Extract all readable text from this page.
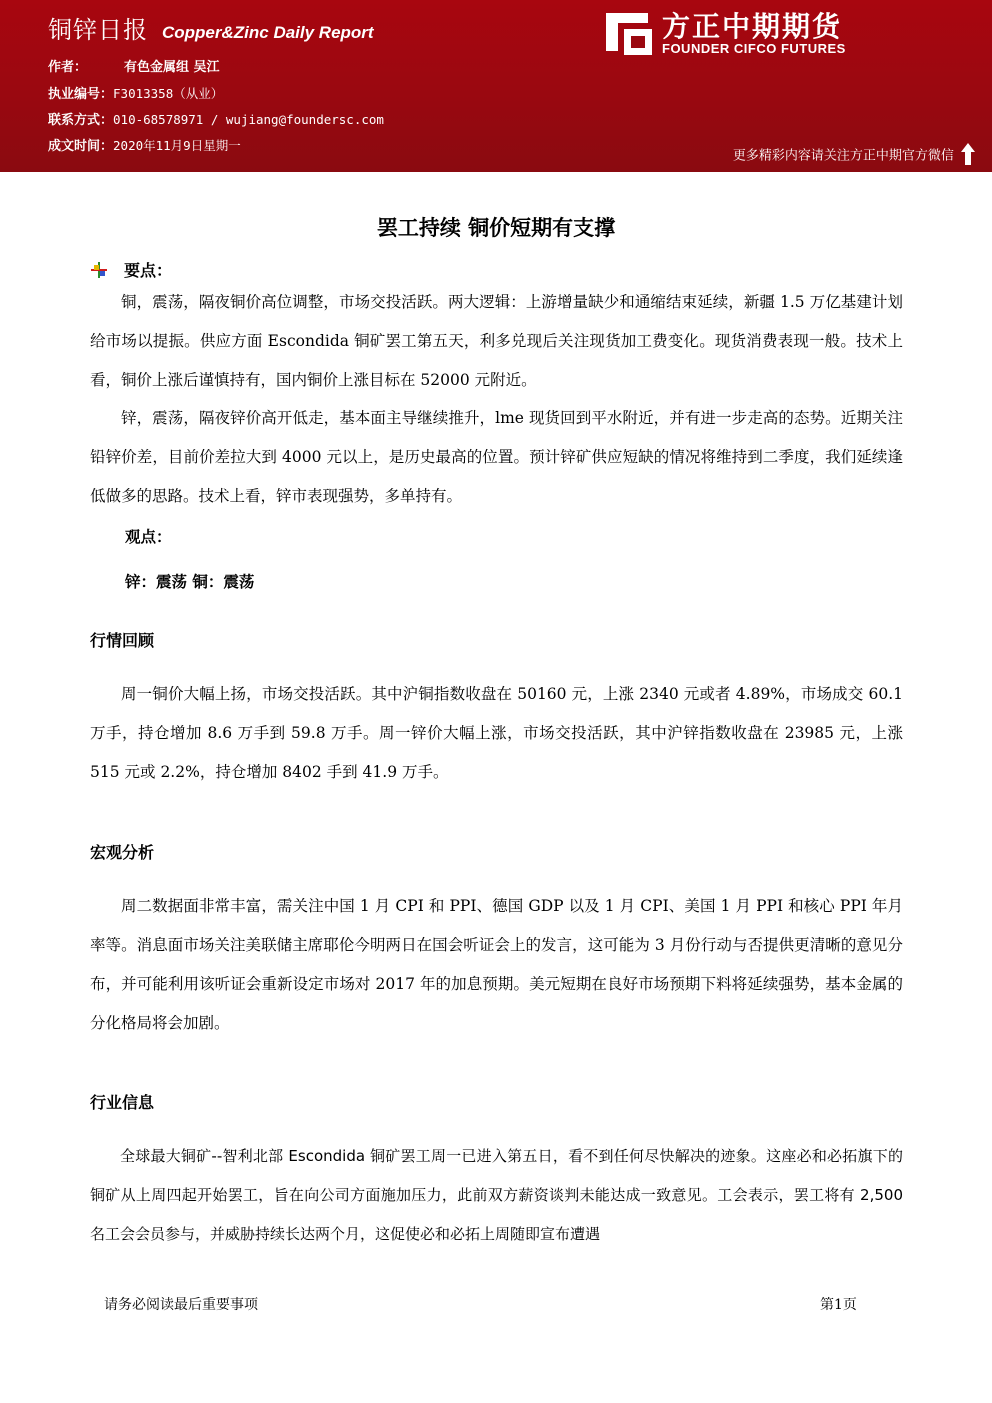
铜锌日报 Copper&Zinc Daily Report
作者：	有色金属组 吴江
执业编号：F3013358（从业）
联系方式：010-68578971 / wujiang@foundersc.com
成文时间：2020年11月9日星期一
方正中期期货
FOUNDER CIFCO FUTURES
更多精彩内容请关注方正中期官方微信
罢工持续 铜价短期有支撑
要点：

铜，震荡，隔夜铜价高位调整，市场交投活跃。两大逻辑：上游增量缺少和通缩结束延续，新疆 1.5 万亿基建计划给市场以提振。供应方面 Escondida 铜矿罢工第五天，利多兑现后关注现货加工费变化。现货消费表现一般。技术上看，铜价上涨后谨慎持有，国内铜价上涨目标在 52000 元附近。

锌，震荡，隔夜锌价高开低走，基本面主导继续推升，lme 现货回到平水附近，并有进一步走高的态势。近期关注铅锌价差，目前价差拉大到 4000 元以上，是历史最高的位置。预计锌矿供应短缺的情况将维持到二季度，我们延续逢低做多的思路。技术上看，锌市表现强势，多单持有。

观点：
锌：震荡 铜：震荡
行情回顾

周一铜价大幅上扬，市场交投活跃。其中沪铜指数收盘在 50160 元，上涨 2340 元或者 4.89%，市场成交 60.1 万手，持仓增加 8.6 万手到 59.8 万手。周一锌价大幅上涨，市场交投活跃，其中沪锌指数收盘在 23985 元，上涨 515 元或 2.2%，持仓增加 8402 手到 41.9 万手。

宏观分析

周二数据面非常丰富，需关注中国 1 月 CPI 和 PPI、德国 GDP 以及 1 月 CPI、美国 1 月 PPI 和核心 PPI 年月率等。消息面市场关注美联储主席耶伦今明两日在国会听证会上的发言，这可能为 3 月份行动与否提供更清晰的意见分布，并可能利用该听证会重新设定市场对 2017 年的加息预期。美元短期在良好市场预期下料将延续强势，基本金属的分化格局将会加剧。

行业信息

全球最大铜矿--智利北部 Escondida 铜矿罢工周一已进入第五日，看不到任何尽快解决的迹象。这座必和必拓旗下的铜矿从上周四起开始罢工，旨在向公司方面施加压力，此前双方薪资谈判未能达成一致意见。工会表示，罢工将有 2,500 名工会会员参与，并威胁持续长达两个月，这促使必和必拓上周随即宣布遭遇

请务必阅读最后重要事项	第1页
